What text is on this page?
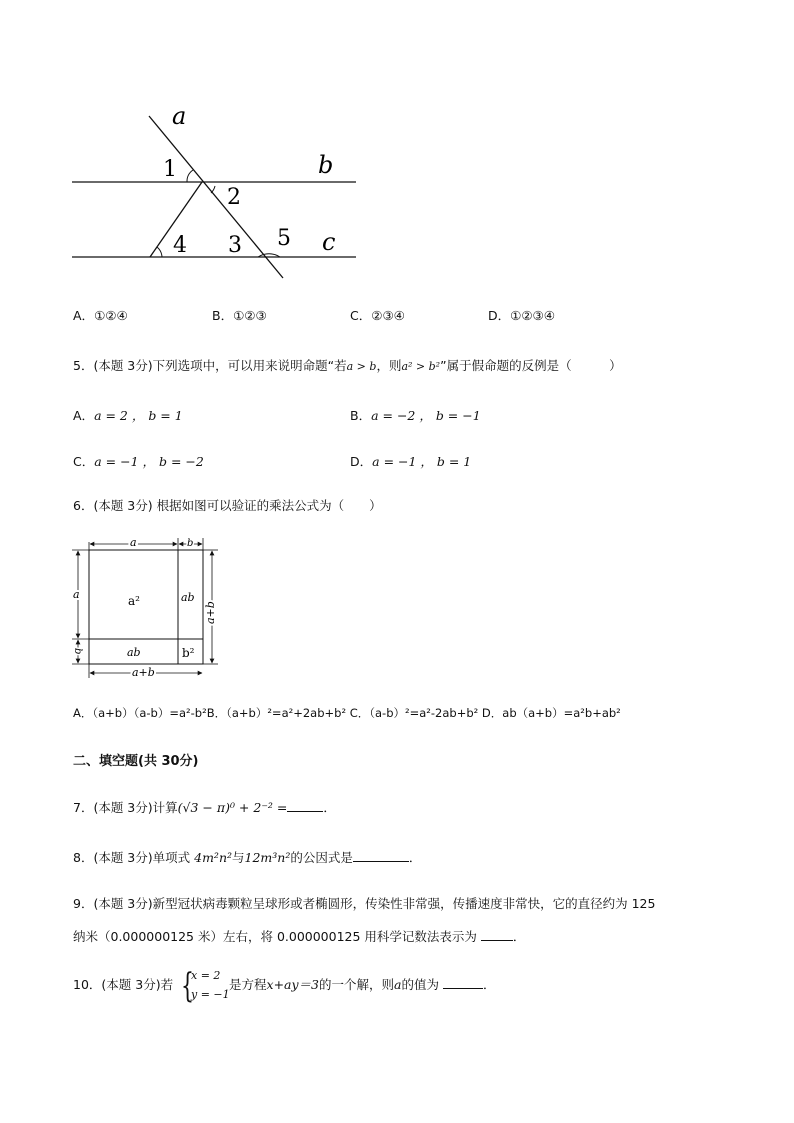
a
b
c
1
2
3
4	5
A．①②④	B．①②③	C．②③④	D．①②③④
5．(本题 3分)下列选项中，可以用来说明命题“若a > b，则a² > b²”属于假命题的反例是（　　　）
A．a = 2 ， b = 1	B．a = −2 ， b = −1
C．a = −1 ， b = −2	D．a = −1 ， b = 1
6．(本题 3分) 根据如图可以验证的乘法公式为（　　）
a	b
a
b
a+b
a+b
a²	ab
ab	b²
A．（a+b）（a-b）=a²-b²B．（a+b）²=a²+2ab+b² C．（a-b）²=a²-2ab+b² D．ab（a+b）=a²b+ab²
二、填空题(共 30分)
7．(本题 3分)计算(√3 − π)⁰ + 2⁻² =	．
8．(本题 3分)单项式 4m²n²与12m³n²的公因式是	．
9．(本题 3分)新型冠状病毒颗粒呈球形或者椭圆形，传染性非常强，传播速度非常快，它的直径约为 125
纳米（0.000000125 米）左右，将 0.000000125 用科学记数法表示为	．
10．(本题 3分)若 {
x = 2
y = −1
是方程x+ay＝3的一个解，则a的值为	．
